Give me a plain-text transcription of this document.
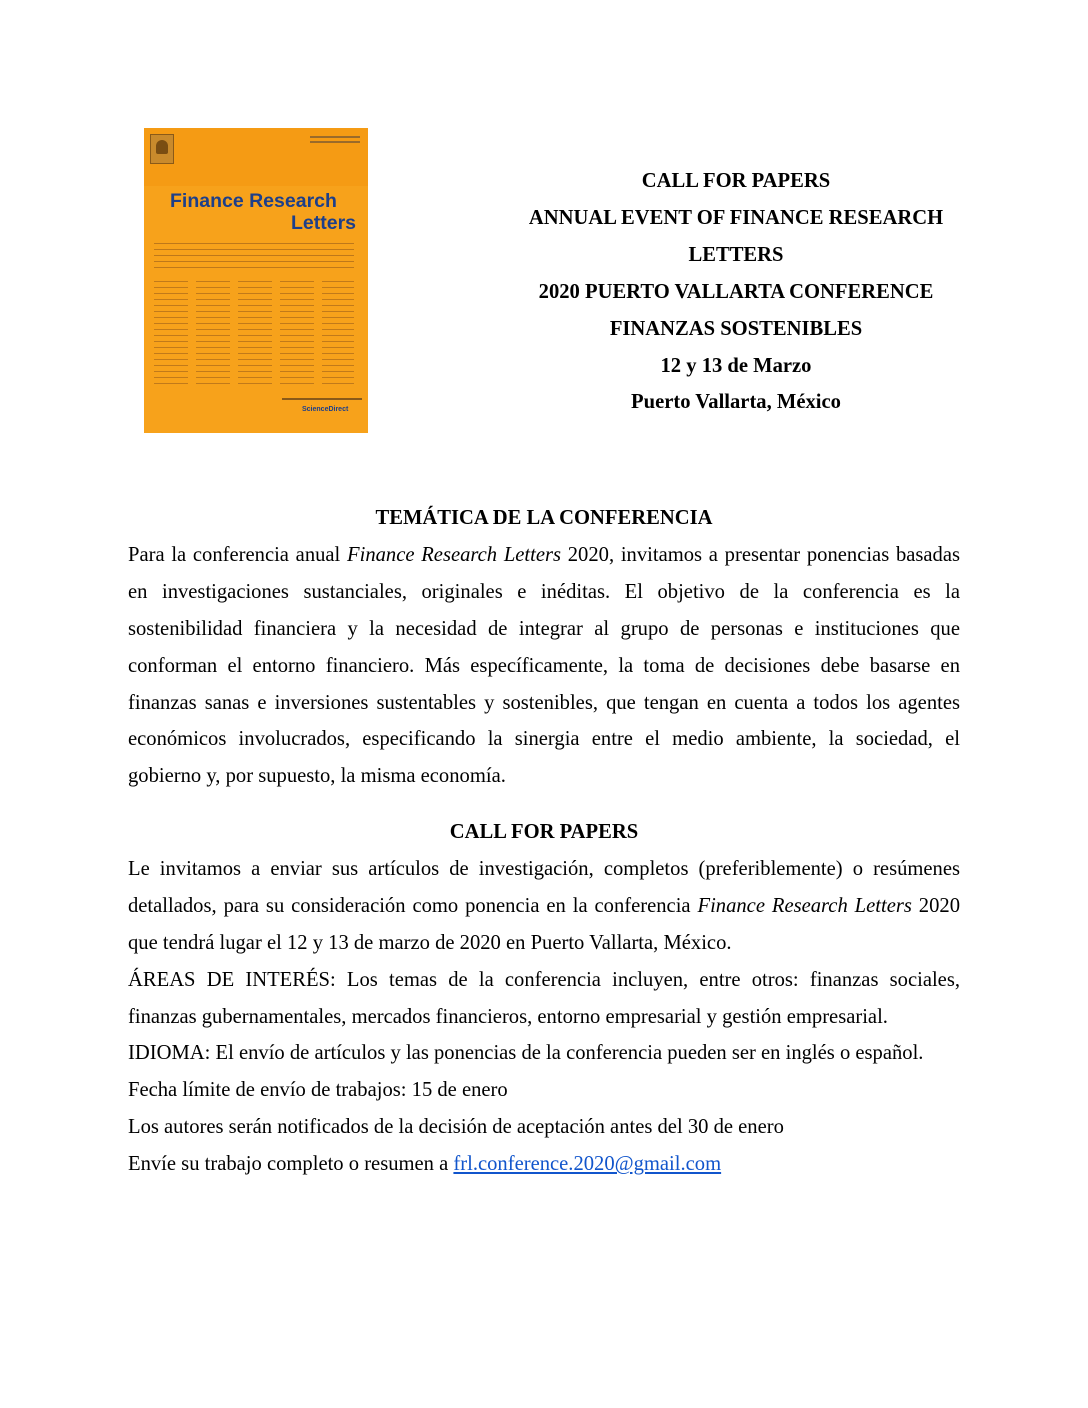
Finance Research
Letters
ScienceDirect
CALL FOR PAPERS
ANNUAL EVENT OF FINANCE RESEARCH
LETTERS
2020 PUERTO VALLARTA CONFERENCE
FINANZAS SOSTENIBLES
12 y 13 de Marzo
Puerto Vallarta, México

TEMÁTICA DE LA CONFERENCIA

Para la conferencia anual Finance Research Letters 2020, invitamos a presentar ponencias basadas en investigaciones sustanciales, originales e inéditas. El objetivo de la conferencia es la sostenibilidad financiera y la necesidad de integrar al grupo de personas e instituciones que conforman el entorno financiero. Más específicamente, la toma de decisiones debe basarse en finanzas sanas e inversiones sustentables y sostenibles, que tengan en cuenta a todos los agentes económicos involucrados, especificando la sinergia entre el medio ambiente, la sociedad, el gobierno y, por supuesto, la misma economía.

CALL FOR PAPERS

Le invitamos a enviar sus artículos de investigación, completos (preferiblemente) o resúmenes detallados, para su consideración como ponencia en la conferencia Finance Research Letters 2020 que tendrá lugar el 12 y 13 de marzo de 2020 en Puerto Vallarta, México.

ÁREAS DE INTERÉS: Los temas de la conferencia incluyen, entre otros: finanzas sociales, finanzas gubernamentales, mercados financieros, entorno empresarial y gestión empresarial.

IDIOMA: El envío de artículos y las ponencias de la conferencia pueden ser en inglés o español.

Fecha límite de envío de trabajos: 15 de enero

Los autores serán notificados de la decisión de aceptación antes del 30 de enero

Envíe su trabajo completo o resumen a frl.conference.2020@gmail.com
